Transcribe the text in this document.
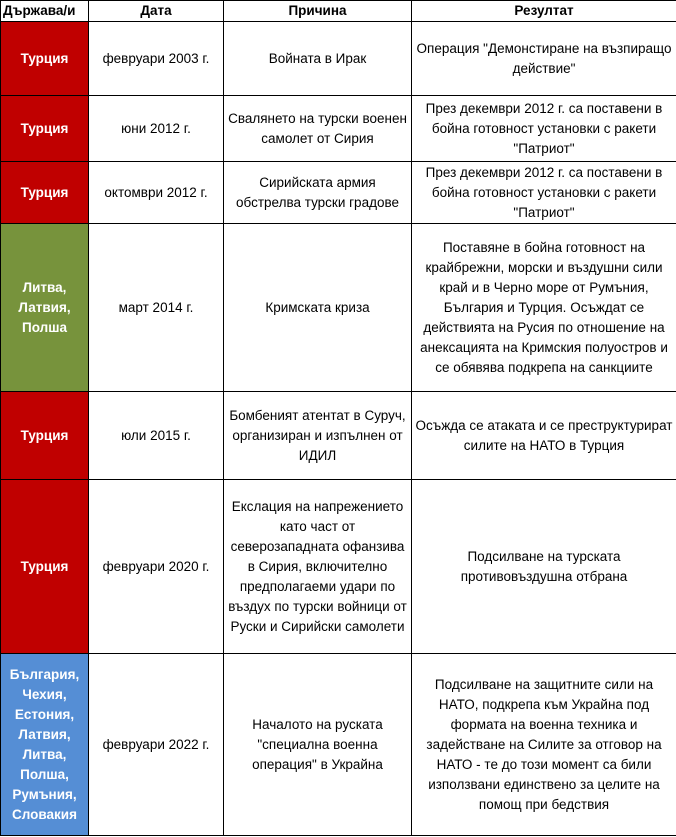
Държава/и	Дата	Причина	Резултат
Турция	февруари 2003 г.	Войната в Ирак	Операция "Демонстиране на възпиращо действие"
Турция	юни 2012 г.	Свалянето на турски военен самолет от Сирия	През декември 2012 г. са поставени в бойна готовност установки с ракети "Патриот"
Турция	октомври 2012 г.	Сирийската армия обстрелва турски градове	През декември 2012 г. са поставени в бойна готовност установки с ракети "Патриот"
Литва, Латвия, Полша	март 2014 г.	Кримската криза	Поставяне в бойна готовност на крайбрежни, морски и въздушни сили край и в Черно море от Румъния, България и Турция. Осъждат се действията на Русия по отношение на анексацията на Кримския полуостров и се обявява подкрепа на санкциите
Турция	юли 2015 г.	Бомбеният атентат в Суруч, организиран и изпълнен от ИДИЛ	Осъжда се атаката и се преструктурират силите на НАТО в Турция
Турция	февруари 2020 г.	Екслация на напрежението като част от северозападната офанзива в Сирия, включително предполагаеми удари по въздух по турски войници от Руски и Сирийски самолети	Подсилване на турската противовъздушна отбрана
България, Чехия, Естония, Латвия, Литва, Полша, Румъния, Словакия	февруари 2022 г.	Началото на руската "специална военна операция" в Украйна	Подсилване на защитните сили на НАТО, подкрепа към Украйна под формата на военна техника и задействане на Силите за отговор на НАТО - те до този момент са били използвани единствено за целите на помощ при бедствия
